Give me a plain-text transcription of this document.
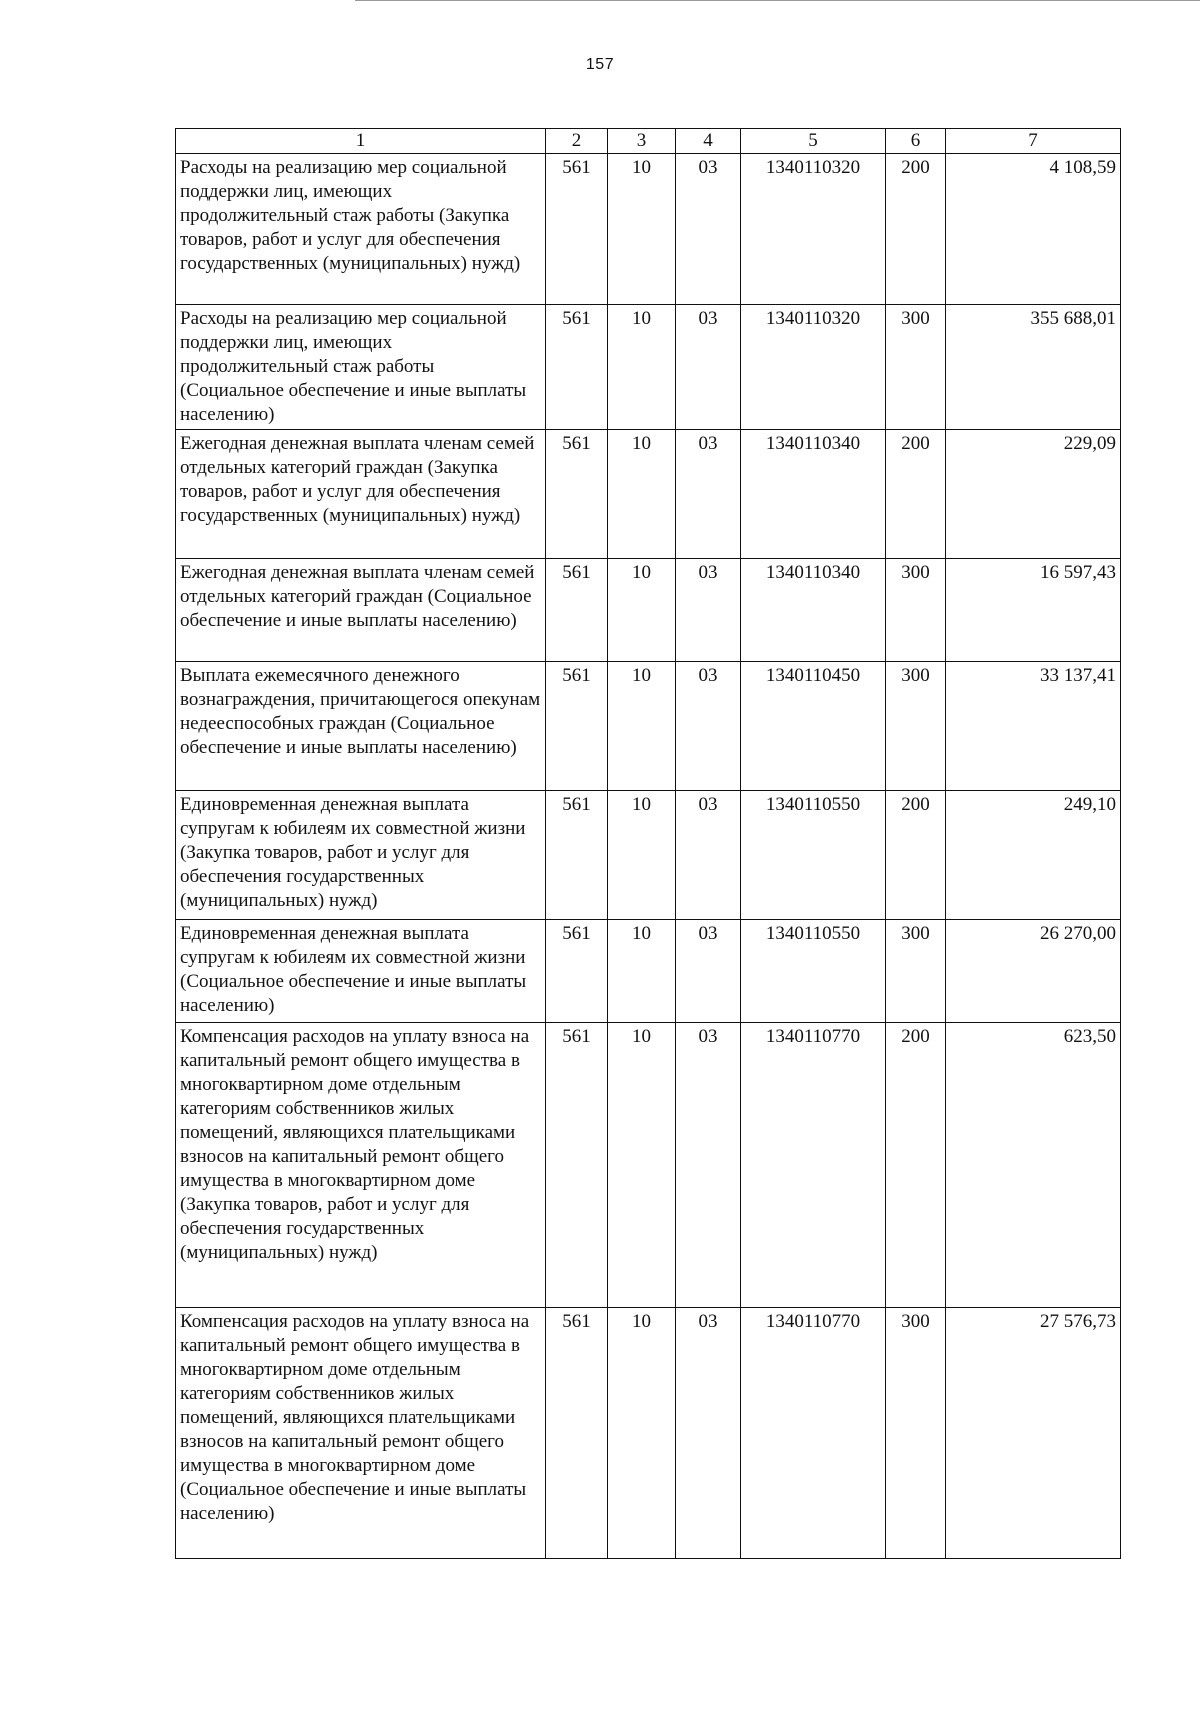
157
1	2	3	4	5	6	7
Расходы на реализацию мер социальной поддержки лиц, имеющих продолжительный стаж работы (Закупка товаров, работ и услуг для обеспечения государственных (муниципальных) нужд)	561	10	03	1340110320	200	4 108,59
Расходы на реализацию мер социальной поддержки лиц, имеющих продолжительный стаж работы (Социальное обеспечение и иные выплаты населению)	561	10	03	1340110320	300	355 688,01
Ежегодная денежная выплата членам семей отдельных категорий граждан (Закупка товаров, работ и услуг для обеспечения государственных (муниципальных) нужд)	561	10	03	1340110340	200	229,09
Ежегодная денежная выплата членам семей отдельных категорий граждан (Социальное обеспечение и иные выплаты населению)	561	10	03	1340110340	300	16 597,43
Выплата ежемесячного денежного вознаграждения, причитающегося опекунам недееспособных граждан (Социальное обеспечение и иные выплаты населению)	561	10	03	1340110450	300	33 137,41
Единовременная денежная выплата супругам к юбилеям их совместной жизни (Закупка товаров, работ и услуг для обеспечения государственных (муниципальных) нужд)	561	10	03	1340110550	200	249,10
Единовременная денежная выплата супругам к юбилеям их совместной жизни (Социальное обеспечение и иные выплаты населению)	561	10	03	1340110550	300	26 270,00
Компенсация расходов на уплату взноса на капитальный ремонт общего имущества в многоквартирном доме отдельным категориям собственников жилых помещений, являющихся плательщиками взносов на капитальный ремонт общего имущества в многоквартирном доме (Закупка товаров, работ и услуг для обеспечения государственных (муниципальных) нужд)	561	10	03	1340110770	200	623,50
Компенсация расходов на уплату взноса на капитальный ремонт общего имущества в многоквартирном доме отдельным категориям собственников жилых помещений, являющихся плательщиками взносов на капитальный ремонт общего имущества в многоквартирном доме (Социальное обеспечение и иные выплаты населению)	561	10	03	1340110770	300	27 576,73
